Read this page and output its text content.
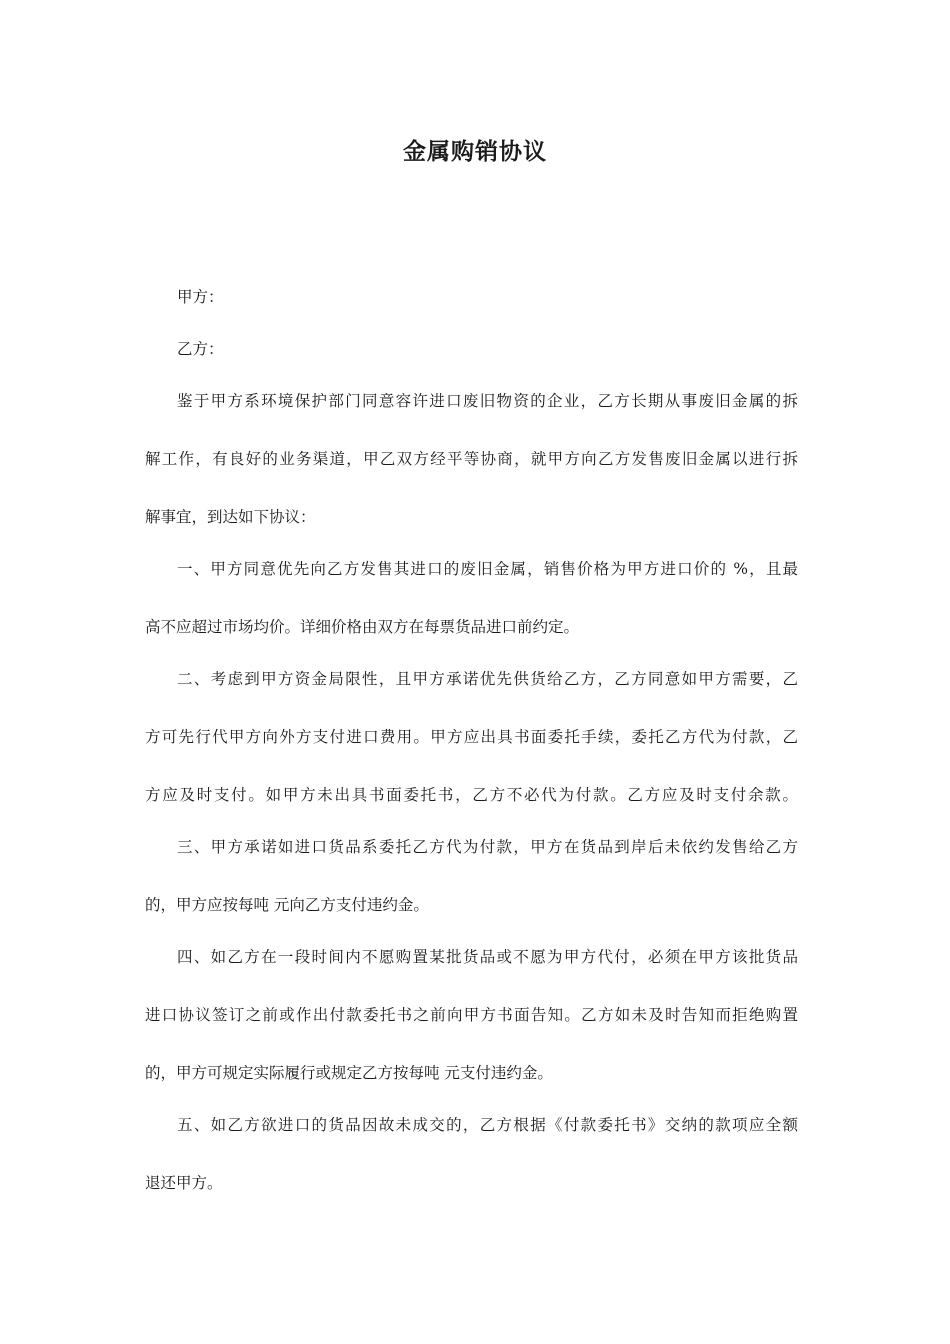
金属购销协议
甲方：
乙方：
鉴于甲方系环境保护部门同意容许进口废旧物资的企业，乙方长期从事废旧金属的拆
解工作，有良好的业务渠道，甲乙双方经平等协商，就甲方向乙方发售废旧金属以进行拆
解事宜，到达如下协议：
一、甲方同意优先向乙方发售其进口的废旧金属，销售价格为甲方进口价的 %，且最
高不应超过市场均价。详细价格由双方在每票货品进口前约定。
二、考虑到甲方资金局限性，且甲方承诺优先供货给乙方，乙方同意如甲方需要，乙
方可先行代甲方向外方支付进口费用。甲方应出具书面委托手续，委托乙方代为付款，乙
方应及时支付。如甲方未出具书面委托书，乙方不必代为付款。乙方应及时支付余款。
三、甲方承诺如进口货品系委托乙方代为付款，甲方在货品到岸后未依约发售给乙方
的，甲方应按每吨 元向乙方支付违约金。
四、如乙方在一段时间内不愿购置某批货品或不愿为甲方代付，必须在甲方该批货品
进口协议签订之前或作出付款委托书之前向甲方书面告知。乙方如未及时告知而拒绝购置
的，甲方可规定实际履行或规定乙方按每吨 元支付违约金。
五、如乙方欲进口的货品因故未成交的，乙方根据《付款委托书》交纳的款项应全额
退还甲方。
